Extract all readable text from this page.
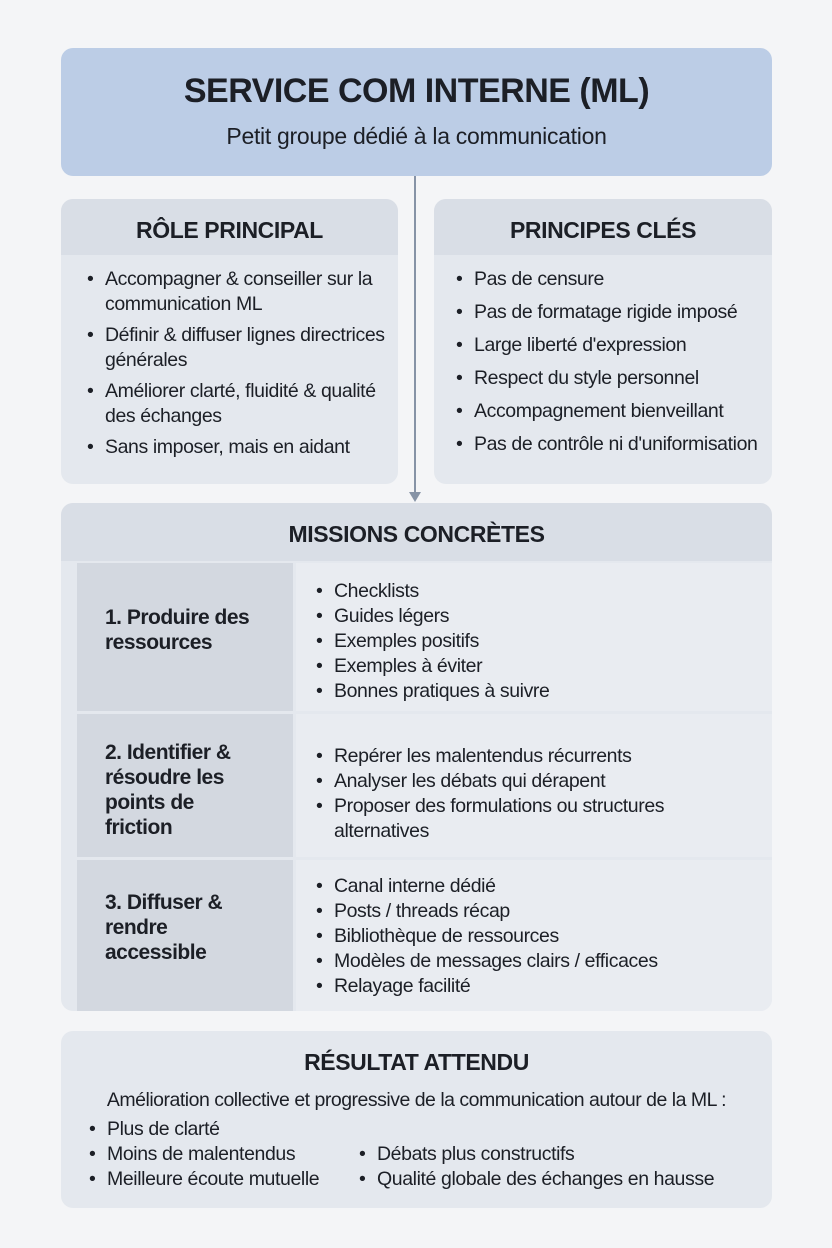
SERVICE COM INTERNE (ML)
Petit groupe dédié à la communication
RÔLE PRINCIPAL
• Accompagner & conseiller sur la communication ML
• Définir & diffuser lignes directrices générales
• Améliorer clarté, fluidité & qualité des échanges
• Sans imposer, mais en aidant
PRINCIPES CLÉS
• Pas de censure
• Pas de formatage rigide imposé
• Large liberté d'expression
• Respect du style personnel
• Accompagnement bienveillant
• Pas de contrôle ni d'uniformisation
MISSIONS CONCRÈTES
1. Produire des ressources
• Checklists
• Guides légers
• Exemples positifs
• Exemples à éviter
• Bonnes pratiques à suivre
2. Identifier & résoudre les points de friction
• Repérer les malentendus récurrents
• Analyser les débats qui dérapent
• Proposer des formulations ou structures alternatives
3. Diffuser & rendre accessible
• Canal interne dédié
• Posts / threads récap
• Bibliothèque de ressources
• Modèles de messages clairs / efficaces
• Relayage facilité
RÉSULTAT ATTENDU
Amélioration collective et progressive de la communication autour de la ML :
• Plus de clarté
• Moins de malentendus
• Meilleure écoute mutuelle
• Débats plus constructifs
• Qualité globale des échanges en hausse
